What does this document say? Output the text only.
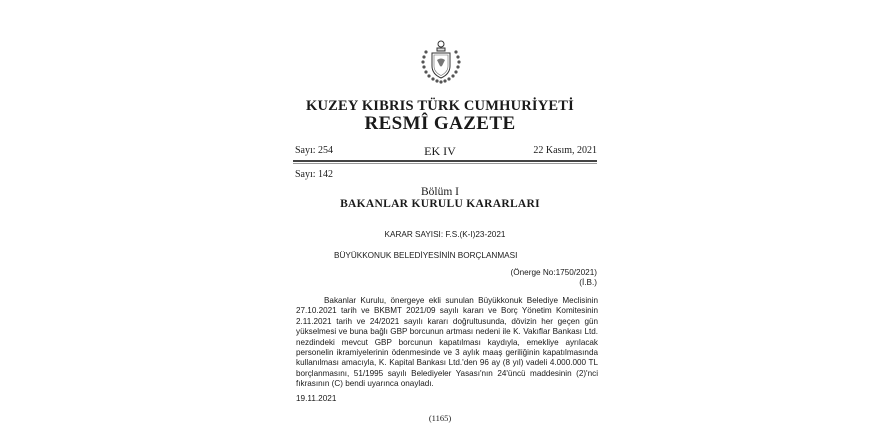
KUZEY KIBRIS TÜRK CUMHURİYETİ
RESMÎ GAZETE
Sayı: 254	EK IV	22 Kasım, 2021
Sayı: 142
Bölüm I
BAKANLAR KURULU KARARLARI
KARAR SAYISI: F.S.(K-I)23-2021
BÜYÜKKONUK BELEDİYESİNİN BORÇLANMASI
(Önerge No:1750/2021)
(İ.B.)
Bakanlar Kurulu, önergeye ekli sunulan Büyükkonuk Belediye Meclisinin 27.10.2021 tarih ve BKBMT 2021/09 sayılı kararı ve Borç Yönetim Komitesinin 2.11.2021 tarih ve 24/2021 sayılı kararı doğrultusunda, dövizin her geçen gün yükselmesi ve buna bağlı GBP borcunun artması nedeni ile K. Vakıflar Bankası Ltd. nezdindeki mevcut GBP borcunun kapatılması kaydıyla, emekliye ayrılacak personelin ikramiyelerinin ödenmesinde ve 3 aylık maaş geriliğinin kapatılmasında kullanılması amacıyla, K. Kapital Bankası Ltd.'den 96 ay (8 yıl) vadeli 4.000.000 TL borçlanmasını, 51/1995 sayılı Belediyeler Yasası'nın 24'üncü maddesinin (2)'nci fıkrasının (C) bendi uyarınca onayladı.
19.11.2021
(1165)
